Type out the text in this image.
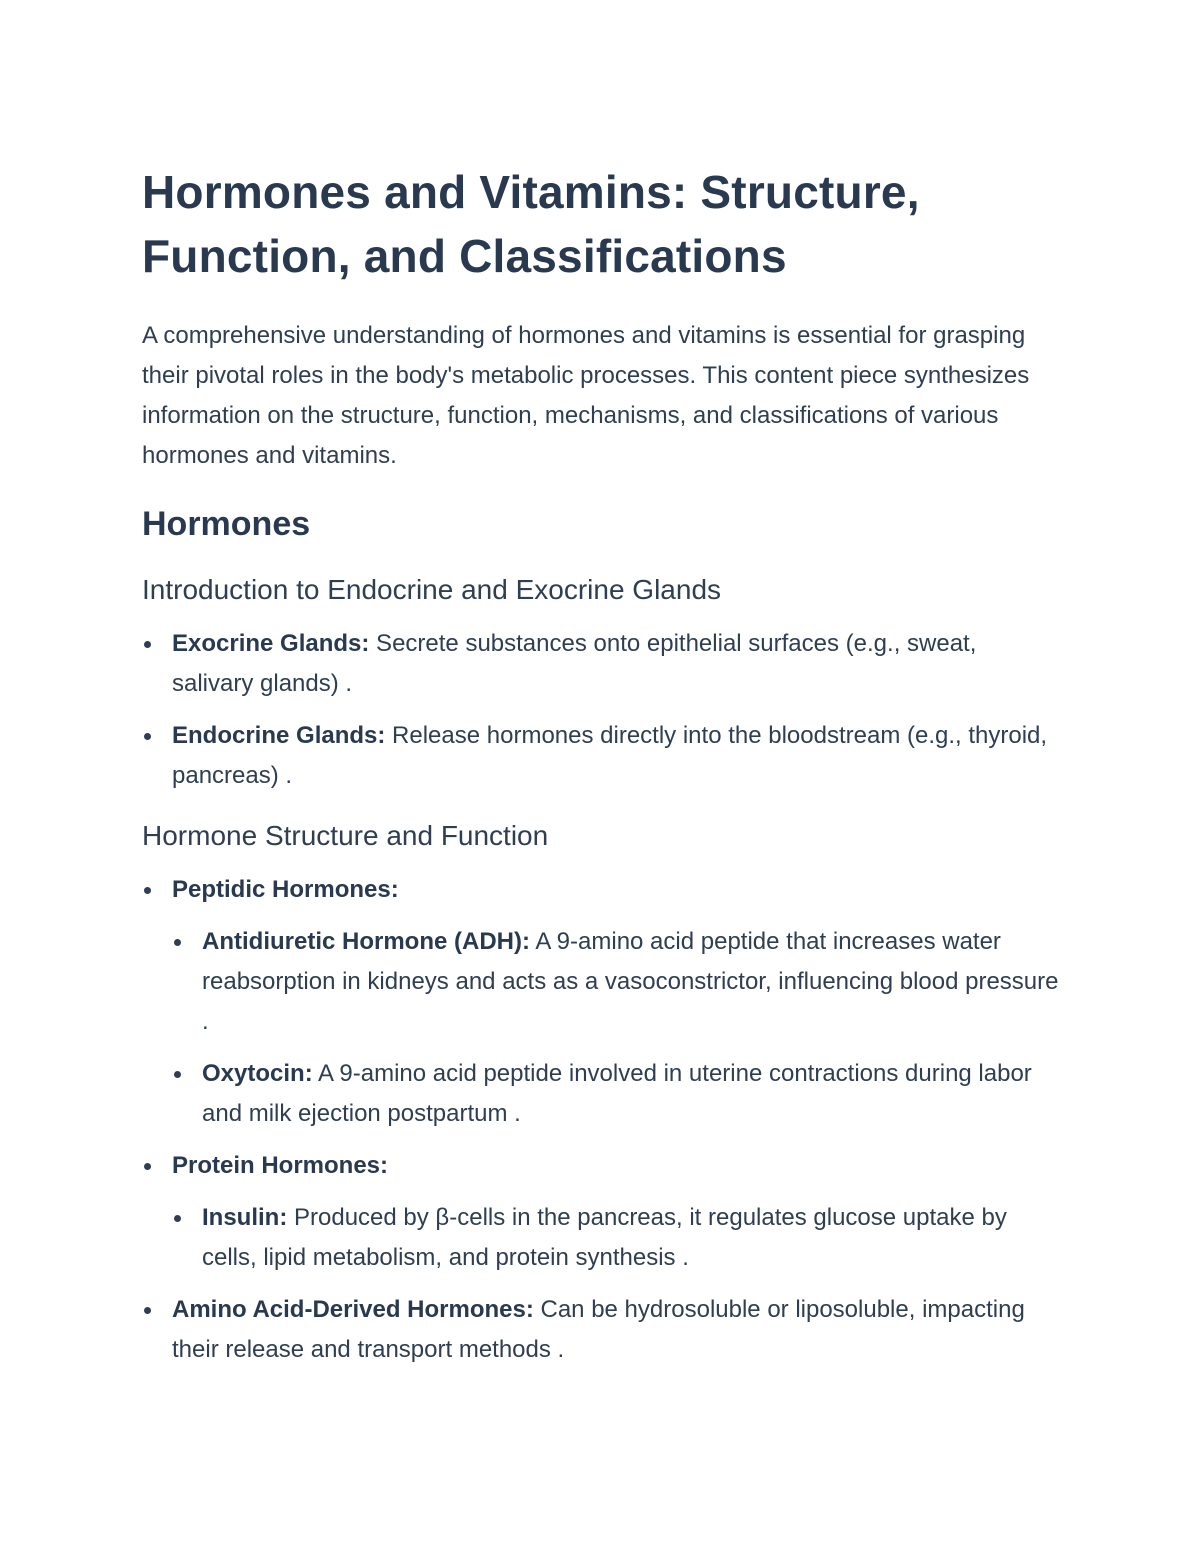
Hormones and Vitamins: Structure, Function, and Classifications

A comprehensive understanding of hormones and vitamins is essential for grasping their pivotal roles in the body's metabolic processes. This content piece synthesizes information on the structure, function, mechanisms, and classifications of various hormones and vitamins.

Hormones
Introduction to Endocrine and Exocrine Glands
Exocrine Glands: Secrete substances onto epithelial surfaces (e.g., sweat, salivary glands) .
Endocrine Glands: Release hormones directly into the bloodstream (e.g., thyroid, pancreas) .
Hormone Structure and Function
Peptidic Hormones:
Antidiuretic Hormone (ADH): A 9-amino acid peptide that increases water reabsorption in kidneys and acts as a vasoconstrictor, influencing blood pressure .
Oxytocin: A 9-amino acid peptide involved in uterine contractions during labor and milk ejection postpartum .
Protein Hormones:
Insulin: Produced by β-cells in the pancreas, it regulates glucose uptake by cells, lipid metabolism, and protein synthesis .
Amino Acid-Derived Hormones: Can be hydrosoluble or liposoluble, impacting their release and transport methods .
